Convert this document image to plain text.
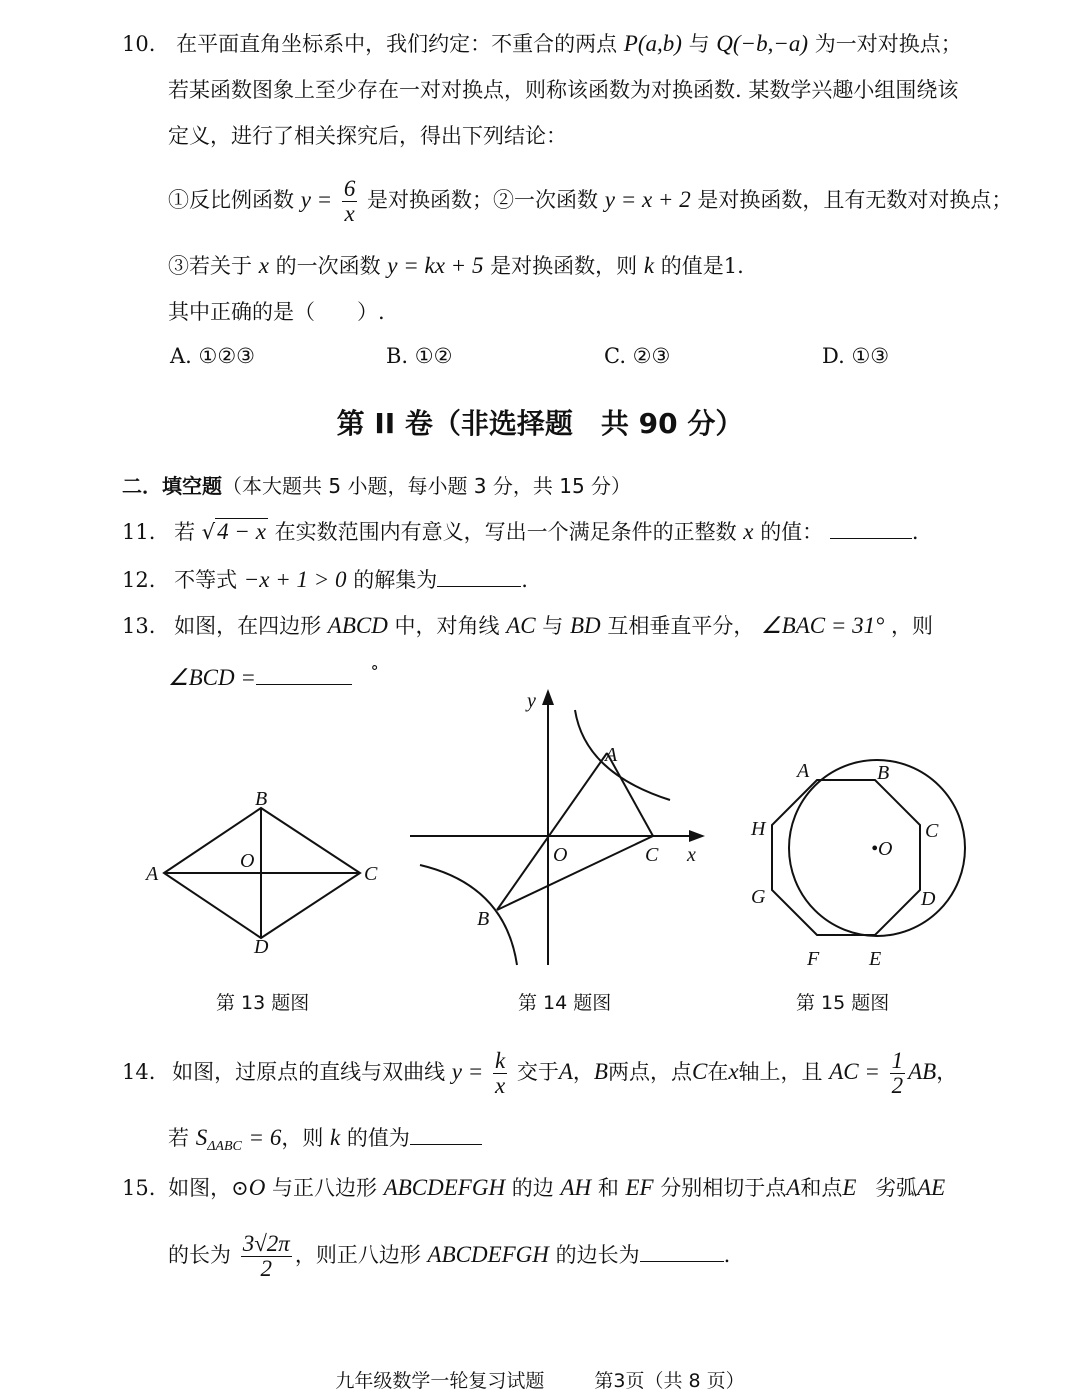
10. 在平面直角坐标系中，我们约定：不重合的两点 P(a,b) 与 Q(−b,−a) 为一对对换点；
若某函数图象上至少存在一对对换点，则称该函数为对换函数. 某数学兴趣小组围绕该
定义，进行了相关探究后，得出下列结论：
①反比例函数 $y = \frac{6}{x}$ 是对换函数；②一次函数 y = x + 2 是对换函数，且有无数对对换点；
③若关于 x 的一次函数 y = kx + 5 是对换函数，则 k 的值是1.
其中正确的是（　　）.
A. ①②③	B. ①②	C. ②③	D. ①③
第 II 卷（非选择题　共 90 分）
二．填空题（本大题共 5 小题，每小题 3 分，共 15 分）
11. 若 √4 − x 在实数范围内有意义，写出一个满足条件的正整数 x 的值：	.
12. 不等式 −x + 1 > 0 的解集为	.
13. 如图，在四边形 ABCD 中，对角线 AC 与 BD 互相垂直平分， ∠BAC = 31° ，则
∠BCD =	°
A
B
C
D
O
第 13 题图
y
x
A
B
C
O
第 14 题图
A	B
C
D
E
F
G
H
•O
第 15 题图
14. 如图，过原点的直线与双曲线 $y = \frac{k}{x}$ 交于A，B两点，点C在x轴上，且 AC = $\frac{1}{2}$ AB，
若 $S_{\Delta ABC} = 6$，则 k 的值为
15. 如图，⊙O 与正八边形 ABCDEFGH 的边 AH 和 EF 分别相切于点A和点E 劣弧AE
的长为 $\frac{3√2\pi}{2}$ ，则正八边形 ABCDEFGH 的边长为	.
九年级数学一轮复习试题	第3页（共 8 页）
